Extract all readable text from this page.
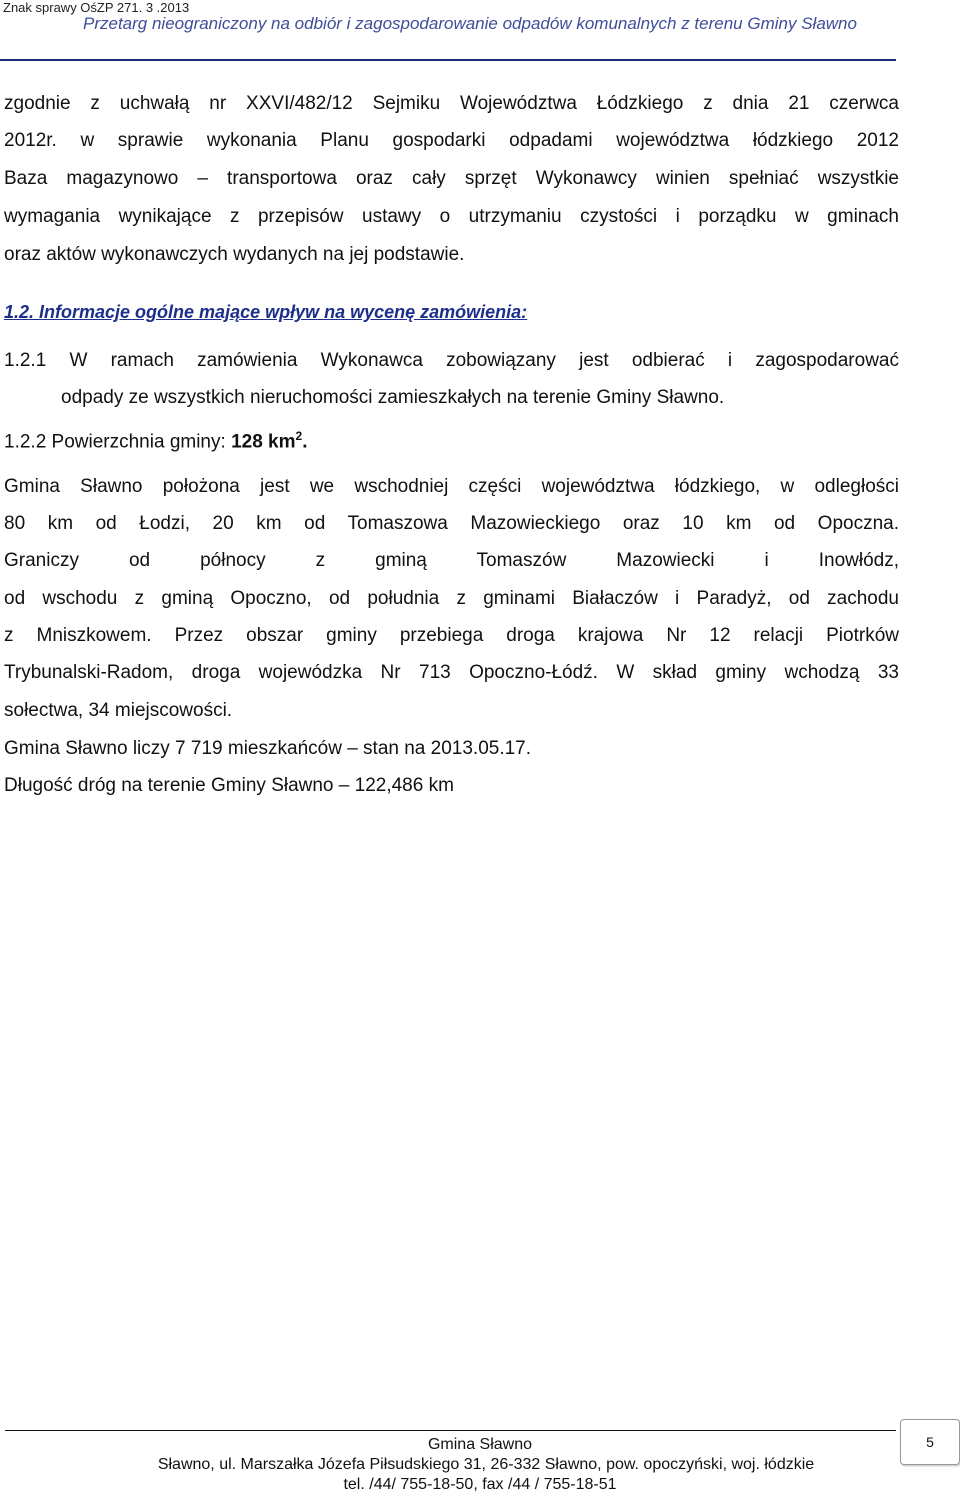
Znak sprawy OśZP 271. 3 .2013
Przetarg nieograniczony na odbiór i zagospodarowanie odpadów komunalnych z terenu Gminy Sławno
zgodnie z uchwałą nr XXVI/482/12 Sejmiku Województwa Łódzkiego z dnia 21 czerwca
2012r. w sprawie wykonania Planu gospodarki odpadami województwa łódzkiego 2012
Baza magazynowo – transportowa oraz cały sprzęt Wykonawcy winien spełniać wszystkie
wymagania wynikające z przepisów ustawy o utrzymaniu czystości i porządku w gminach
oraz aktów wykonawczych wydanych na jej podstawie.
1.2. Informacje ogólne mające wpływ na wycenę zamówienia:
1.2.1 W ramach zamówienia Wykonawca zobowiązany jest odbierać i zagospodarować
odpady ze wszystkich nieruchomości zamieszkałych na terenie Gminy Sławno.
1.2.2 Powierzchnia gminy: 128 $km^2$.
Gmina Sławno położona jest we wschodniej części województwa łódzkiego, w odległości
80 km od Łodzi, 20 km od Tomaszowa Mazowieckiego oraz 10 km od Opoczna.
Graniczy od północy z gminą Tomaszów Mazowiecki i Inowłódz,
od wschodu z gminą Opoczno, od południa z gminami Białaczów i Paradyż, od zachodu
z Mniszkowem. Przez obszar gminy przebiega droga krajowa Nr 12 relacji Piotrków
Trybunalski-Radom, droga wojewódzka Nr 713 Opoczno-Łódź. W skład gminy wchodzą 33
sołectwa, 34 miejscowości.
Gmina Sławno liczy 7 719 mieszkańców – stan na 2013.05.17.
Długość dróg na terenie Gminy Sławno – 122,486 km
Gmina Sławno
Sławno, ul. Marszałka Józefa Piłsudskiego 31, 26-332 Sławno, pow. opoczyński, woj. łódzkie
tel. /44/ 755-18-50, fax /44 / 755-18-51
5
